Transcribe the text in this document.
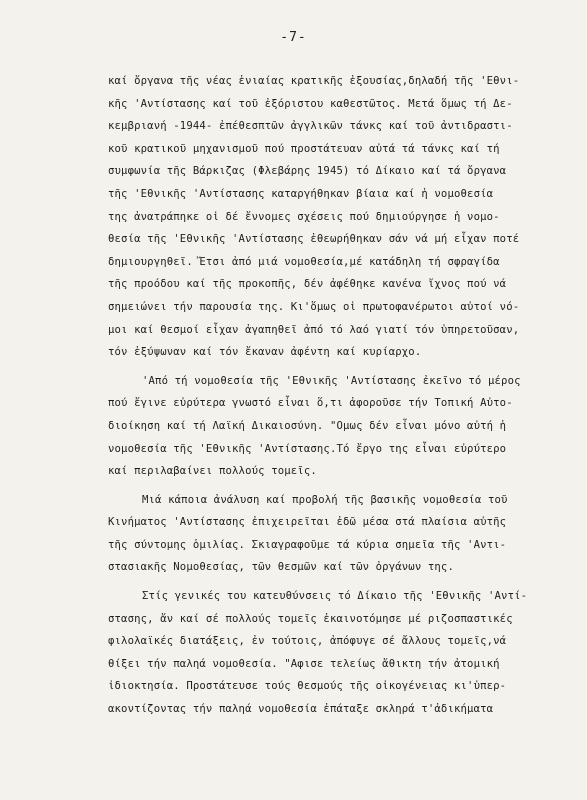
-7-
καί ὄργανα τῆς νέας ἑνιαίας κρατικῆς ἐξουσίας,δηλαδή τῆς 'Εθνι-
κῆς 'Αντίστασης καί τοῦ ἐξόριστου καθεστῶτος. Μετά ὅμως τή Δε-
κεμβριανή -1944- ἐπέθεσπτῶν ἀγγλικῶν τάνκς καί τοῦ ἀντιδραστι-
κοῦ κρατικοῦ μηχανισμοῦ πού προστάτευαν αὐτά τά τάνκς καί τή
συμφωνία τῆς Βάρκιζας (Φλεβάρης 1945) τό Δίκαιο καί τά ὄργανα
τῆς 'Εθνικῆς 'Αντίστασης καταργήθηκαν βίαια καί ἡ νομοθεσία
της ἀνατράπηκε οἱ δέ ἔννομες σχέσεις πού δημιούργησε ἡ νομο-
θεσία τῆς 'Εθνικῆς 'Αντίστασης ἐθεωρήθηκαν σάν νά μή εἶχαν ποτέ
δημιουργηθεῖ. Ἔτσι ἀπό μιά νομοθεσία,μέ κατάδηλη τή σφραγίδα
τῆς προόδου καί τῆς προκοπῆς, δέν ἀφέθηκε κανένα ἴχνος πού νά
σημειώνει τήν παρουσία της. Κι'ὅμως οἱ πρωτοφανέρωτοι αὐτοί νό-
μοι καί θεσμοί εἶχαν ἀγαπηθεῖ ἀπό τό λαό γιατί τόν ὑπηρετοῦσαν,
τόν ἐξύψωναν καί τόν ἔκαναν ἀφέντη καί κυρίαρχο.
'Από τή νομοθεσία τῆς 'Εθνικῆς 'Αντίστασης ἐκεῖνο τό μέρος
πού ἔγινε εὐρύτερα γνωστό εἶναι ὅ,τι ἀφοροῦσε τήν Τοπική Αὐτο-
διοίκηση καί τή Λαϊκή Δικαιοσύνη. "Ομως δέν εἶναι μόνο αὐτή ἡ
νομοθεσία τῆς 'Εθνικῆς 'Αντίστασης.Τό ἔργο της εἶναι εὐρύτερο
καί περιλαβαίνει πολλούς τομεῖς.
Μιά κάποια ἀνάλυση καί προβολή τῆς βασικῆς νομοθεσία τοῦ
Κινήματος 'Αντίστασης ἐπιχειρεῖται ἐδῶ μέσα στά πλαίσια αὐτῆς
τῆς σύντομης ὁμιλίας. Σκιαγραφοῦμε τά κύρια σημεῖα τῆς 'Αντι-
στασιακῆς Νομοθεσίας, τῶν θεσμῶν καί τῶν ὀργάνων της.
Στίς γενικές του κατευθύνσεις τό Δίκαιο τῆς 'Εθνικῆς 'Αντί-
στασης, ἄν καί σέ πολλούς τομεῖς ἐκαινοτόμησε μέ ριζοσπαστικές
φιλολαϊκές διατάξεις, ἐν τούτοις, ἀπόφυγε σέ ἄλλους τομεῖς,νά
θίξει τήν παληά νομοθεσία. "Αφισε τελείως ἄθικτη τήν ἀτομική
ἰδιοκτησία. Προστάτευσε τούς θεσμούς τῆς οἰκογένειας κι'ὑπερ-
ακοντίζοντας τήν παληά νομοθεσία ἐπάταξε σκληρά τ'ἀδικήματα
